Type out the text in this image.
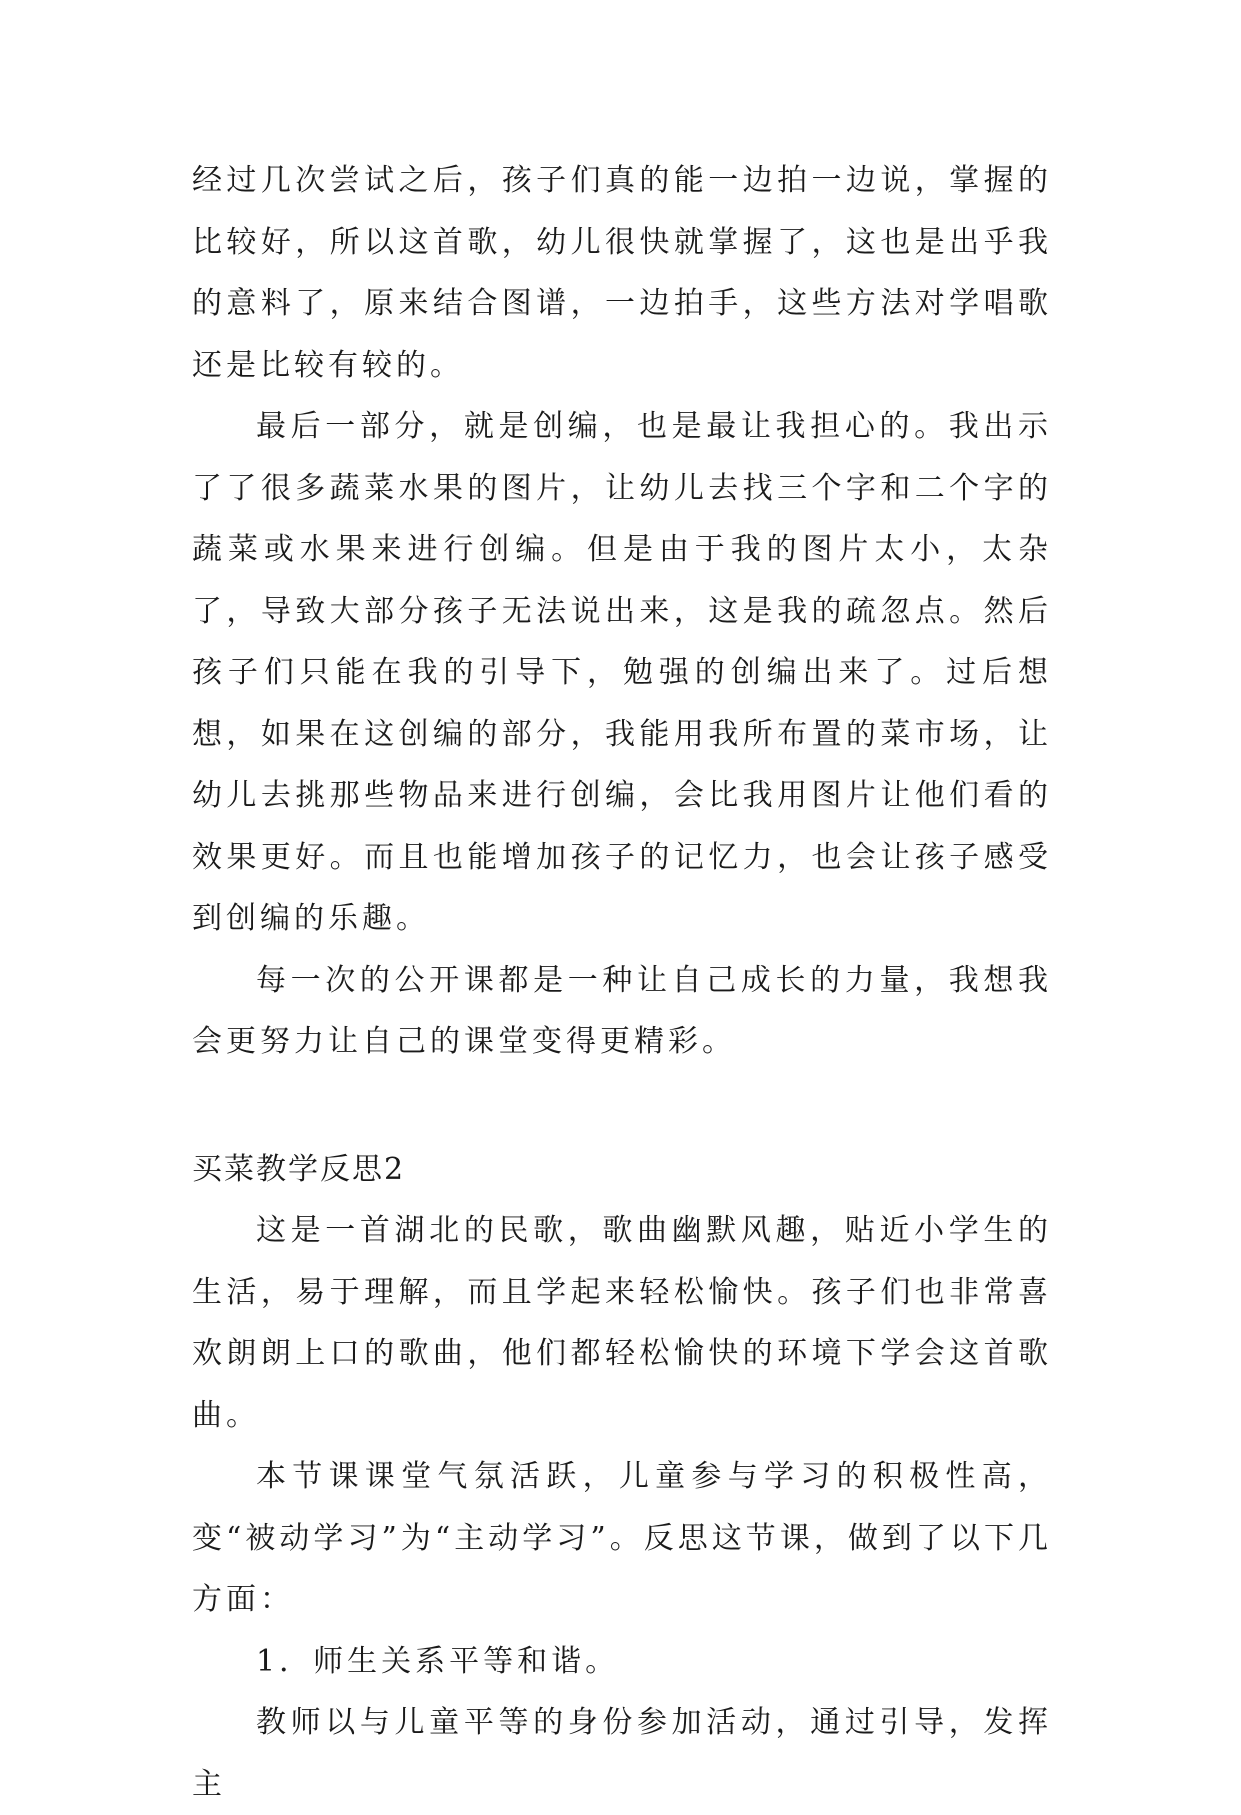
经过几次尝试之后，孩子们真的能一边拍一边说，掌握的比较好，所以这首歌，幼儿很快就掌握了，这也是出乎我的意料了，原来结合图谱，一边拍手，这些方法对学唱歌还是比较有较的。

最后一部分，就是创编，也是最让我担心的。我出示了了很多蔬菜水果的图片，让幼儿去找三个字和二个字的蔬菜或水果来进行创编。但是由于我的图片太小，太杂了，导致大部分孩子无法说出来，这是我的疏忽点。然后孩子们只能在我的引导下，勉强的创编出来了。过后想想，如果在这创编的部分，我能用我所布置的菜市场，让幼儿去挑那些物品来进行创编，会比我用图片让他们看的效果更好。而且也能增加孩子的记忆力，也会让孩子感受到创编的乐趣。

每一次的公开课都是一种让自己成长的力量，我想我会更努力让自己的课堂变得更精彩。

买菜教学反思2

这是一首湖北的民歌，歌曲幽默风趣，贴近小学生的生活，易于理解，而且学起来轻松愉快。孩子们也非常喜欢朗朗上口的歌曲，他们都轻松愉快的环境下学会这首歌曲。

本节课课堂气氛活跃，儿童参与学习的积极性高，变“被动学习”为“主动学习”。反思这节课，做到了以下几方面：

1．师生关系平等和谐。

教师以与儿童平等的身份参加活动，通过引导，发挥主
